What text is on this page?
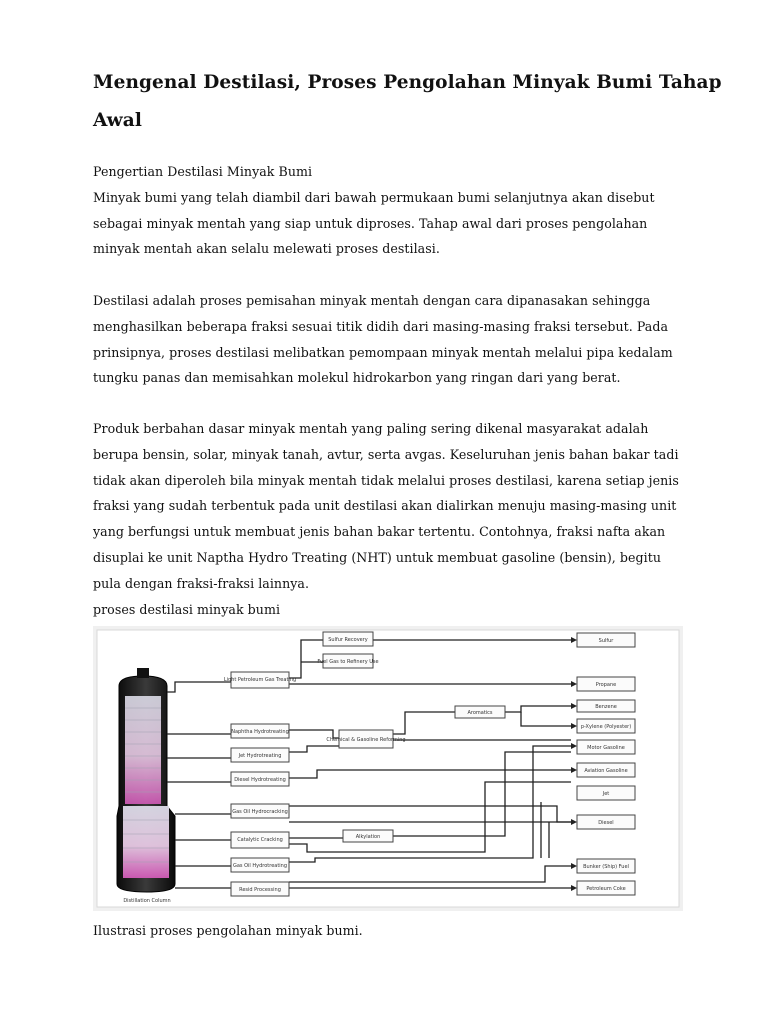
Mengenal Destilasi, Proses Pengolahan Minyak Bumi Tahap
Awal
Pengertian Destilasi Minyak Bumi
Minyak bumi yang telah diambil dari bawah permukaan bumi selanjutnya akan disebut
sebagai minyak mentah yang siap untuk diproses. Tahap awal dari proses pengolahan
minyak mentah akan selalu melewati proses destilasi.
Destilasi adalah proses pemisahan minyak mentah dengan cara dipanasakan sehingga
menghasilkan beberapa fraksi sesuai titik didih dari masing-masing fraksi tersebut. Pada
prinsipnya, proses destilasi melibatkan pemompaan minyak mentah melalui pipa kedalam
tungku panas dan memisahkan molekul hidrokarbon yang ringan dari yang berat.
Produk berbahan dasar minyak mentah yang paling sering dikenal masyarakat adalah
berupa bensin, solar, minyak tanah, avtur, serta avgas. Keseluruhan jenis bahan bakar tadi
tidak akan diperoleh bila minyak mentah tidak melalui proses destilasi, karena setiap jenis
fraksi yang sudah terbentuk pada unit destilasi akan dialirkan menuju masing-masing unit
yang berfungsi untuk membuat jenis bahan bakar tertentu. Contohnya, fraksi nafta akan
disuplai ke unit Naptha Hydro Treating (NHT) untuk membuat gasoline (bensin), begitu
pula dengan fraksi-fraksi lainnya.
proses destilasi minyak bumi
Distillation Column
Light Petroleum Gas Treating
Naphtha Hydrotreating
Jet Hydrotreating
Diesel Hydrotreating
Gas Oil Hydrocracking
Catalytic Cracking
Gas Oil Hydrotreating
Resid Processing
Sulfur Recovery
Fuel Gas to Refinery Use
Chemical & Gasoline Reforming
Aromatics
Alkylation
Sulfur
Propane
Benzene
p-Xylene (Polyester)
Motor Gasoline
Aviation Gasoline
Jet
Diesel
Bunker (Ship) Fuel
Petroleum Coke
Ilustrasi proses pengolahan minyak bumi.
